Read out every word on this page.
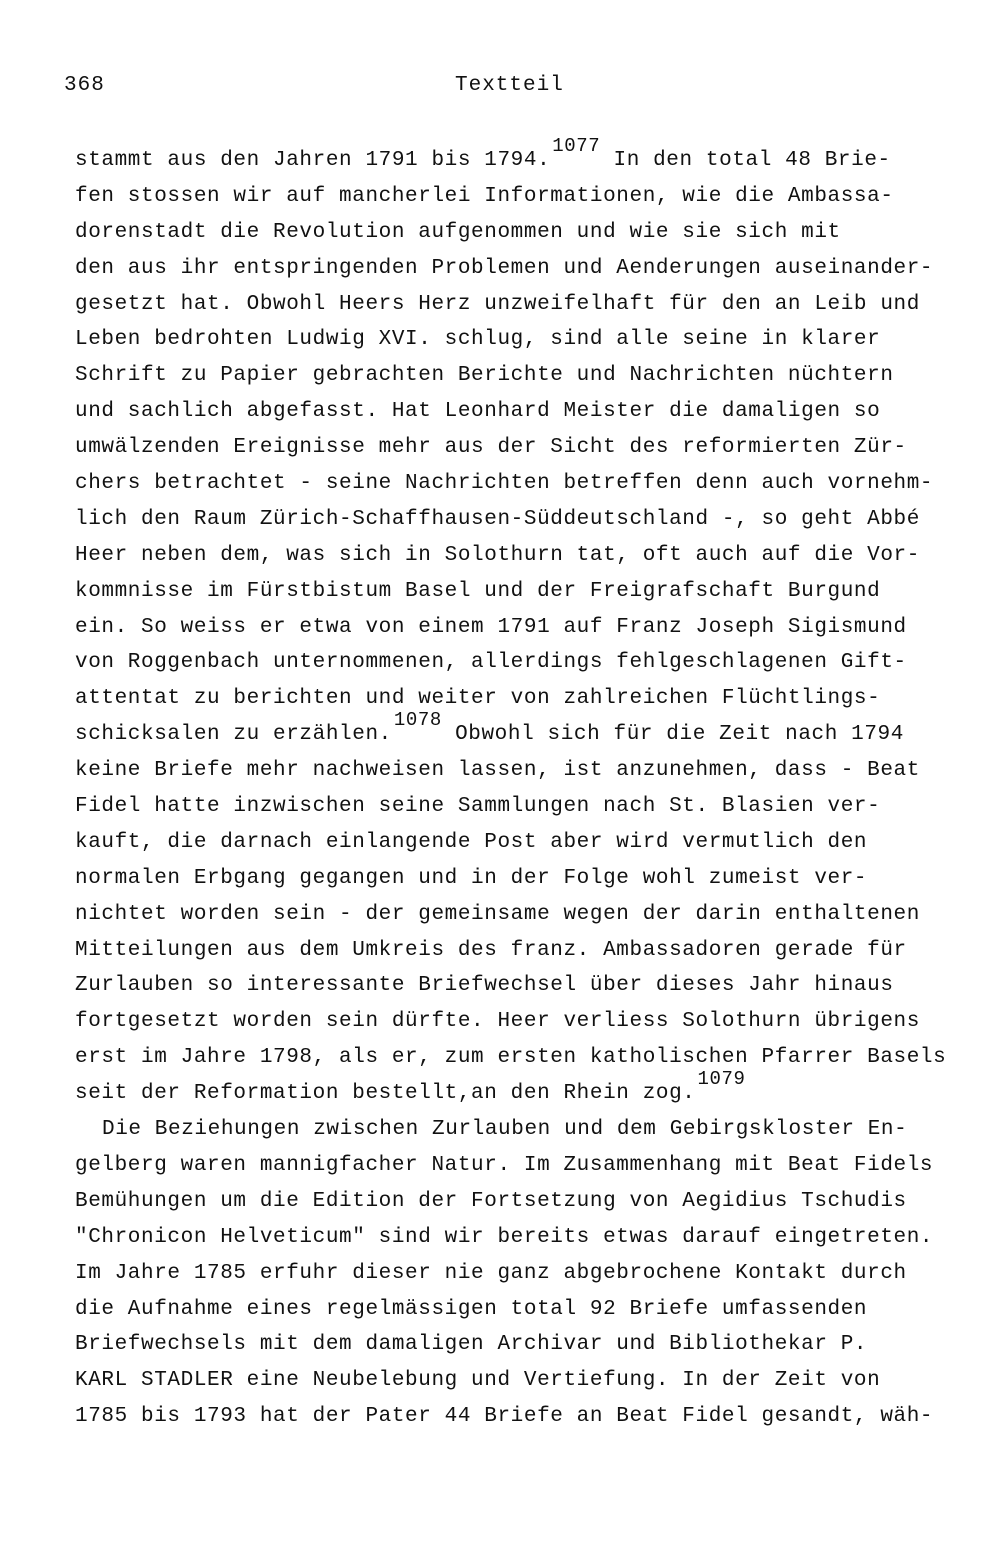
368	Textteil

stammt aus den Jahren 1791 bis 1794.1077 In den total 48 Brie-
fen stossen wir auf mancherlei Informationen, wie die Ambassa-
dorenstadt die Revolution aufgenommen und wie sie sich mit
den aus ihr entspringenden Problemen und Aenderungen auseinander-
gesetzt hat. Obwohl Heers Herz unzweifelhaft für den an Leib und
Leben bedrohten Ludwig XVI. schlug, sind alle seine in klarer
Schrift zu Papier gebrachten Berichte und Nachrichten nüchtern
und sachlich abgefasst. Hat Leonhard Meister die damaligen so
umwälzenden Ereignisse mehr aus der Sicht des reformierten Zür-
chers betrachtet - seine Nachrichten betreffen denn auch vornehm-
lich den Raum Zürich-Schaffhausen-Süddeutschland -, so geht Abbé
Heer neben dem, was sich in Solothurn tat, oft auch auf die Vor-
kommnisse im Fürstbistum Basel und der Freigrafschaft Burgund
ein. So weiss er etwa von einem 1791 auf Franz Joseph Sigismund
von Roggenbach unternommenen, allerdings fehlgeschlagenen Gift-
attentat zu berichten und weiter von zahlreichen Flüchtlings-
schicksalen zu erzählen.1078 Obwohl sich für die Zeit nach 1794
keine Briefe mehr nachweisen lassen, ist anzunehmen, dass - Beat
Fidel hatte inzwischen seine Sammlungen nach St. Blasien ver-
kauft, die darnach einlangende Post aber wird vermutlich den
normalen Erbgang gegangen und in der Folge wohl zumeist ver-
nichtet worden sein - der gemeinsame wegen der darin enthaltenen
Mitteilungen aus dem Umkreis des franz. Ambassadoren gerade für
Zurlauben so interessante Briefwechsel über dieses Jahr hinaus
fortgesetzt worden sein dürfte. Heer verliess Solothurn übrigens
erst im Jahre 1798, als er, zum ersten katholischen Pfarrer Basels
seit der Reformation bestellt,an den Rhein zog.1079
Die Beziehungen zwischen Zurlauben und dem Gebirgskloster En-
gelberg waren mannigfacher Natur. Im Zusammenhang mit Beat Fidels
Bemühungen um die Edition der Fortsetzung von Aegidius Tschudis
"Chronicon Helveticum" sind wir bereits etwas darauf eingetreten.
Im Jahre 1785 erfuhr dieser nie ganz abgebrochene Kontakt durch
die Aufnahme eines regelmässigen total 92 Briefe umfassenden
Briefwechsels mit dem damaligen Archivar und Bibliothekar P.
KARL STADLER eine Neubelebung und Vertiefung. In der Zeit von
1785 bis 1793 hat der Pater 44 Briefe an Beat Fidel gesandt, wäh-
